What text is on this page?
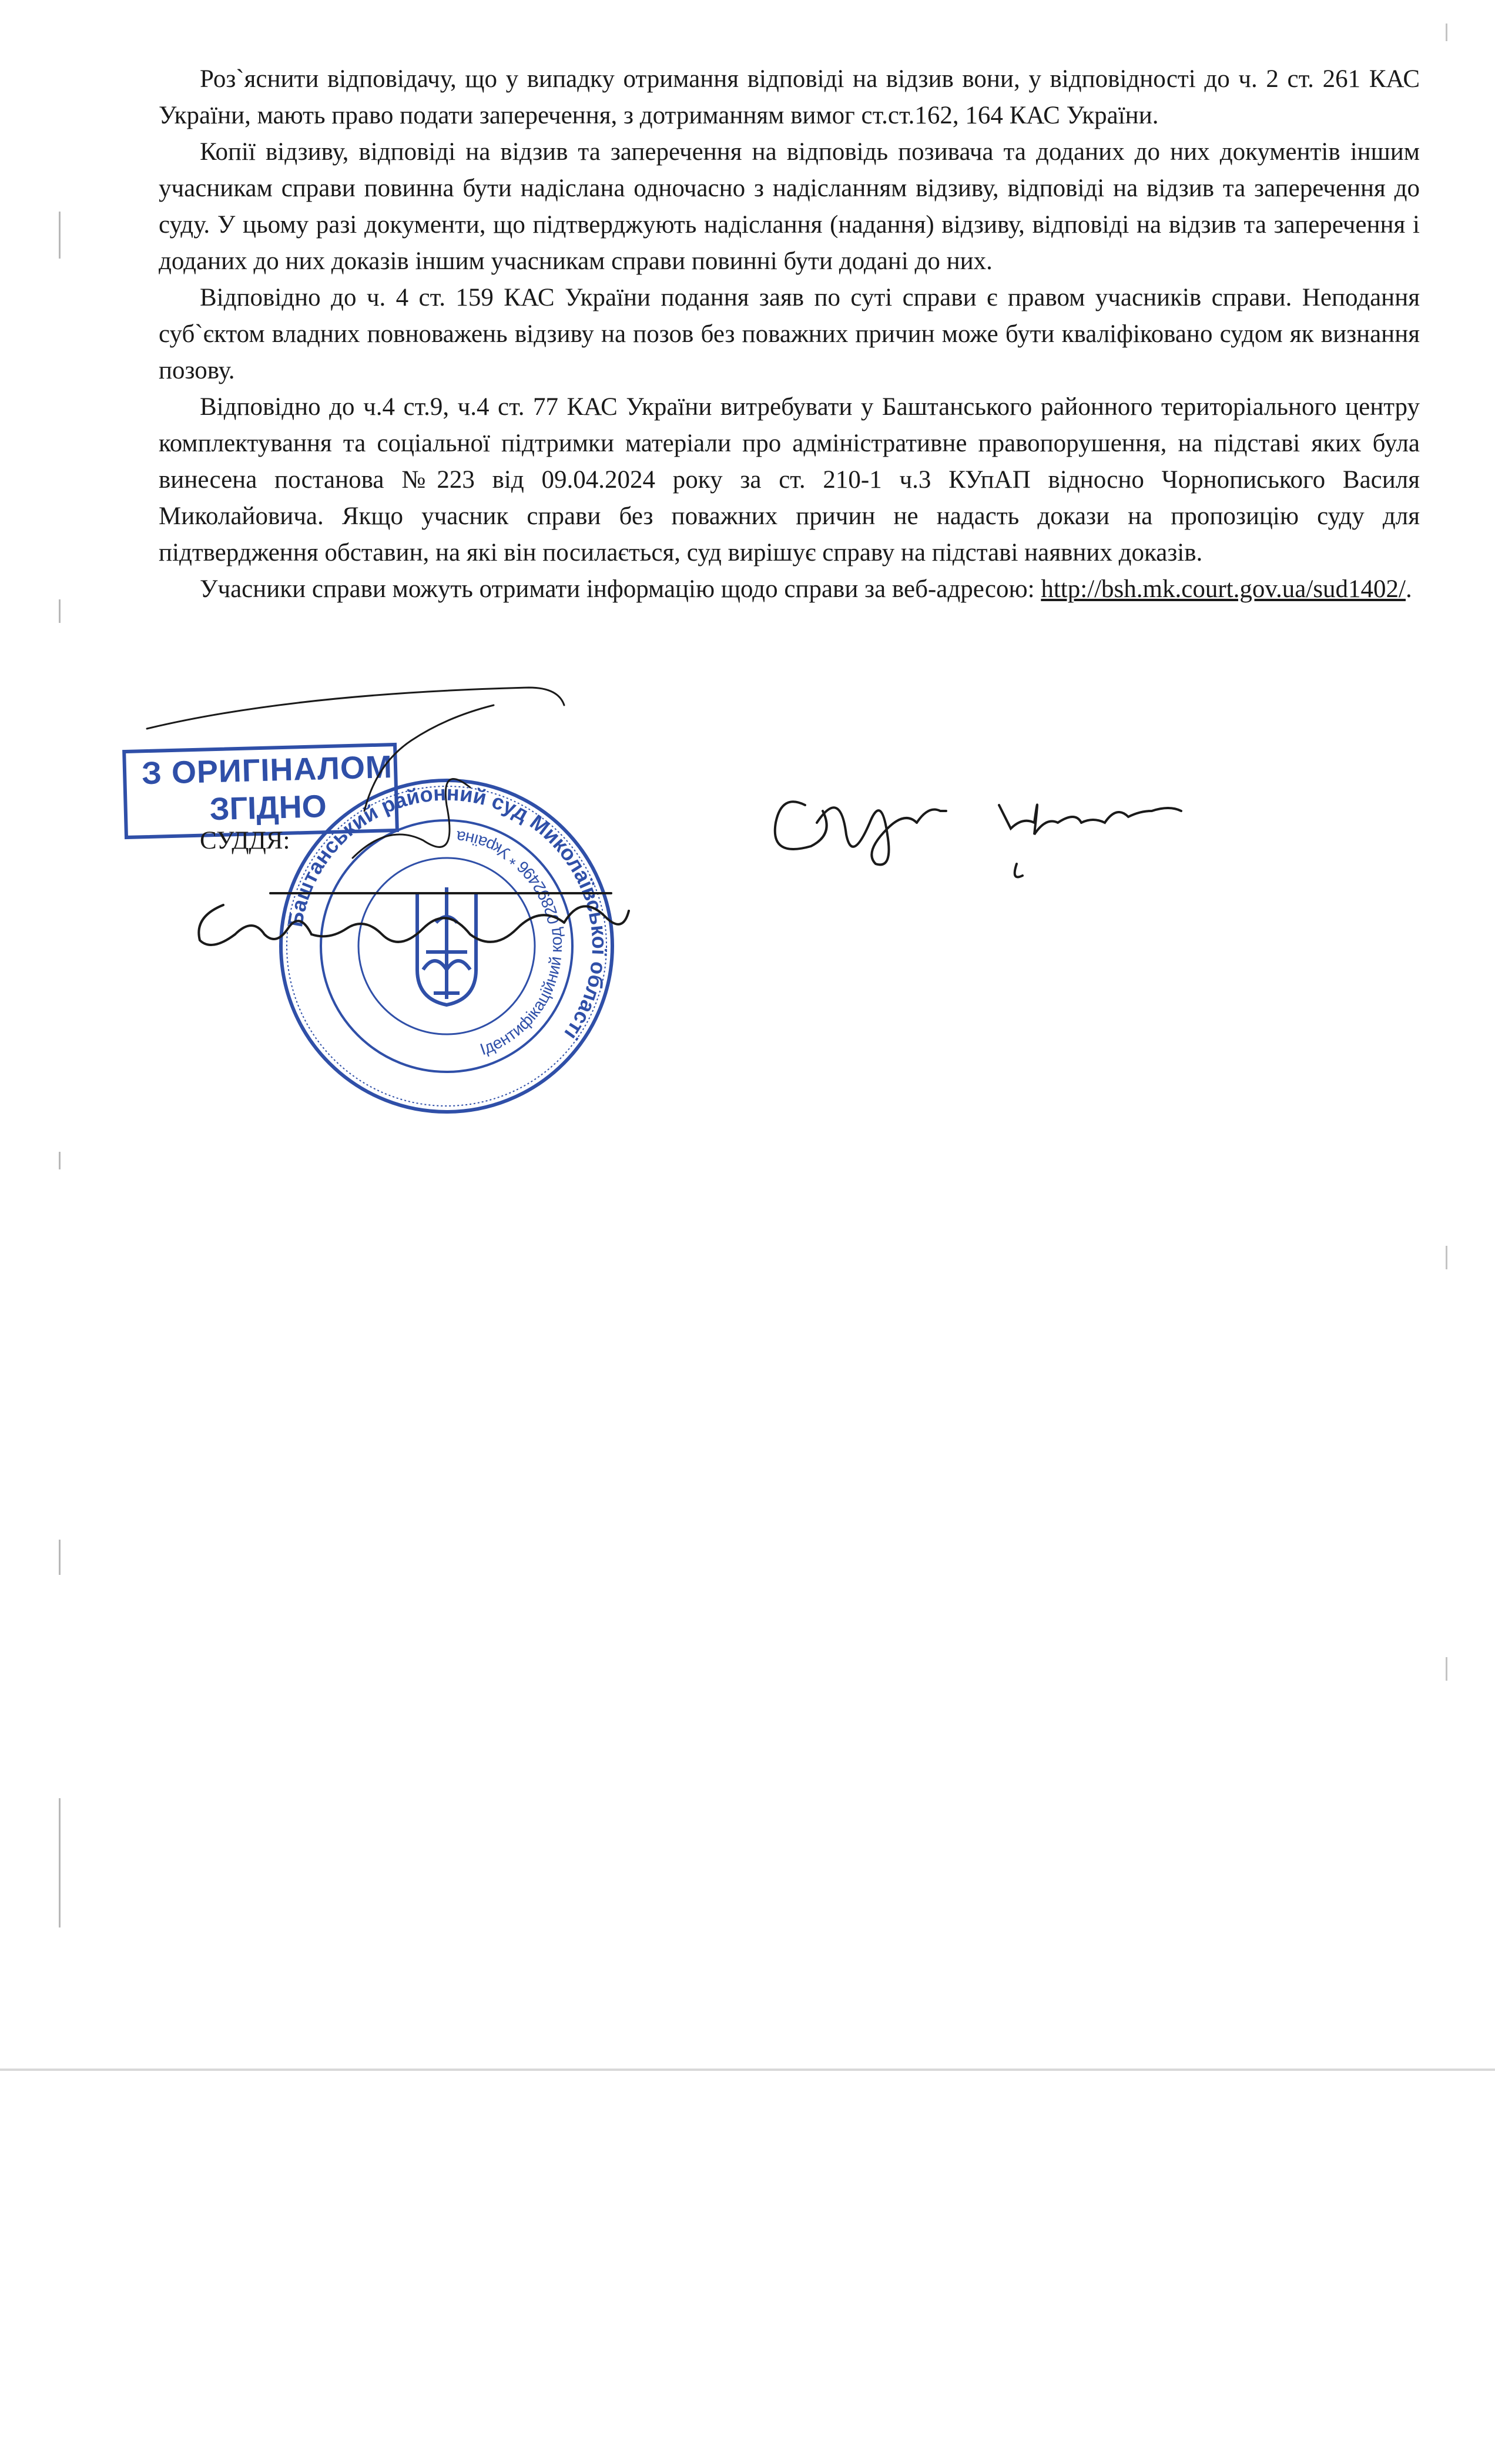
Роз`яснити відповідачу, що у випадку отримання відповіді на відзив вони, у відповідності до ч. 2 ст. 261 КАС України, мають право подати заперечення, з дотриманням вимог ст.ст.162, 164 КАС України.

Копії відзиву, відповіді на відзив та заперечення на відповідь позивача та доданих до них документів іншим учасникам справи повинна бути надіслана одночасно з надісланням відзиву, відповіді на відзив та заперечення до суду. У цьому разі документи, що підтверджують надіслання (надання) відзиву, відповіді на відзив та заперечення і доданих до них доказів іншим учасникам справи повинні бути додані до них.

Відповідно до ч. 4 ст. 159 КАС України подання заяв по суті справи є правом учасників справи. Неподання суб`єктом владних повноважень відзиву на позов без поважних причин може бути кваліфіковано судом як визнання позову.

Відповідно до ч.4 ст.9, ч.4 ст. 77 КАС України витребувати у Баштанського районного територіального центру комплектування та соціальної підтримки матеріали про адміністративне правопорушення, на підставі яких була винесена постанова №223 від 09.04.2024 року за ст. 210-1 ч.3 КУпАП відносно Чорнописького Василя Миколайовича. Якщо учасник справи без поважних причин не надасть докази на пропозицію суду для підтвердження обставин, на які він посилається, суд вирішує справу на підставі наявних доказів.

Учасники справи можуть отримати інформацію щодо справи за веб-адресою: http://bsh.mk.court.gov.ua/sud1402/.

З ОРИГІНАЛОМ
ЗГІДНО
СУДДЯ:
Баштанський районний суд Миколаївської області
Ідентифікаційний код 02892496 * Україна
